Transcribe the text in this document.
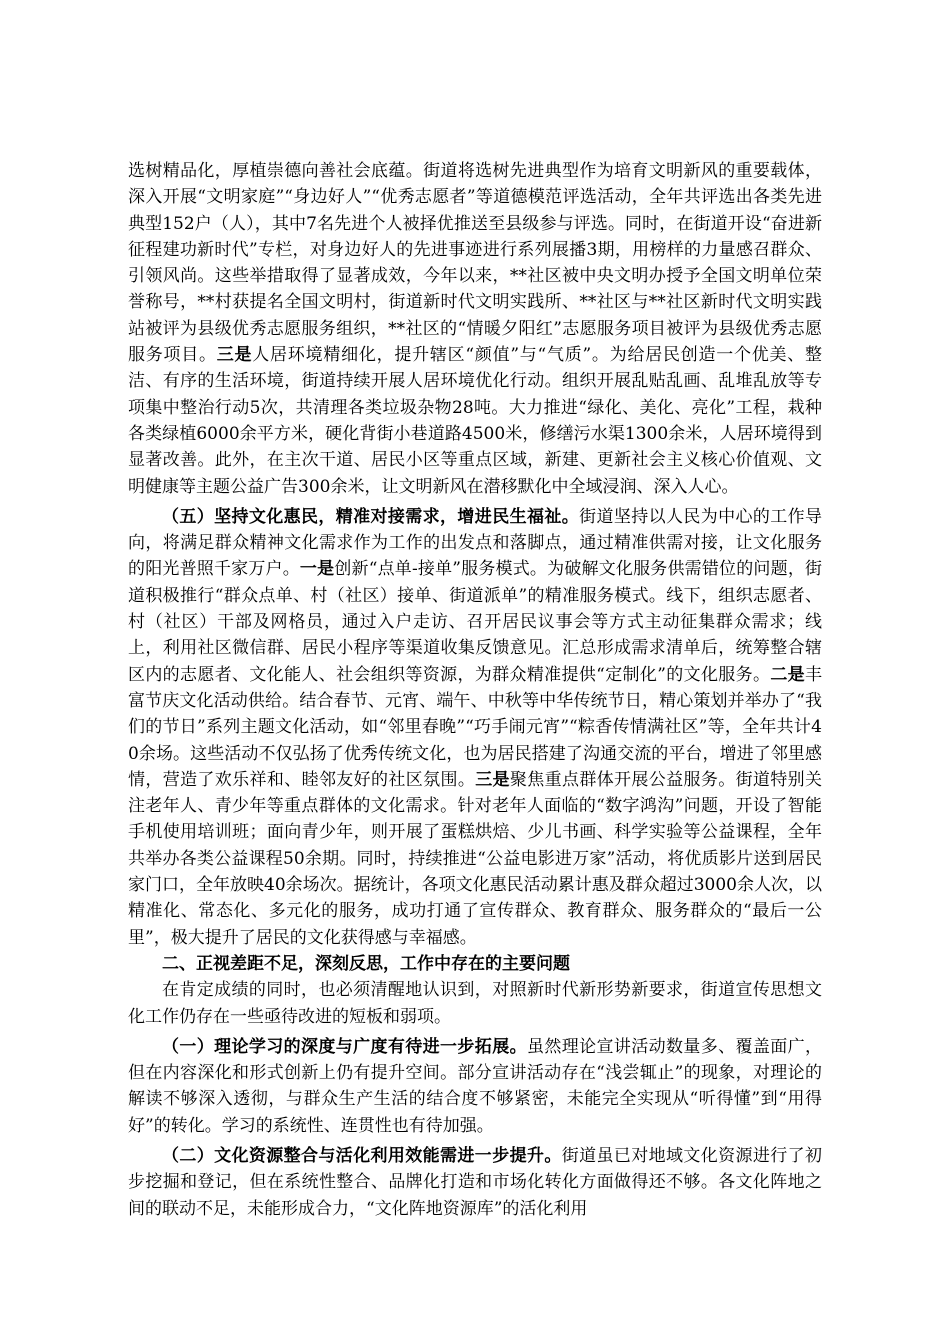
选树精品化，厚植崇德向善社会底蕴。街道将选树先进典型作为培育文明新风的重要载体，深入开展“文明家庭”“身边好人”“优秀志愿者”等道德模范评选活动，全年共评选出各类先进典型152户（人），其中7名先进个人被择优推送至县级参与评选。同时，在街道开设“奋进新征程建功新时代”专栏，对身边好人的先进事迹进行系列展播3期，用榜样的力量感召群众、引领风尚。这些举措取得了显著成效，今年以来，**社区被中央文明办授予全国文明单位荣誉称号，**村获提名全国文明村，街道新时代文明实践所、**社区与**社区新时代文明实践站被评为县级优秀志愿服务组织，**社区的“情暖夕阳红”志愿服务项目被评为县级优秀志愿服务项目。三是人居环境精细化，提升辖区“颜值”与“气质”。为给居民创造一个优美、整洁、有序的生活环境，街道持续开展人居环境优化行动。组织开展乱贴乱画、乱堆乱放等专项集中整治行动5次，共清理各类垃圾杂物28吨。大力推进“绿化、美化、亮化”工程，栽种各类绿植6000余平方米，硬化背街小巷道路4500米，修缮污水渠1300余米，人居环境得到显著改善。此外，在主次干道、居民小区等重点区域，新建、更新社会主义核心价值观、文明健康等主题公益广告300余米，让文明新风在潜移默化中全域浸润、深入人心。

（五）坚持文化惠民，精准对接需求，增进民生福祉。街道坚持以人民为中心的工作导向，将满足群众精神文化需求作为工作的出发点和落脚点，通过精准供需对接，让文化服务的阳光普照千家万户。一是创新“点单-接单”服务模式。为破解文化服务供需错位的问题，街道积极推行“群众点单、村（社区）接单、街道派单”的精准服务模式。线下，组织志愿者、村（社区）干部及网格员，通过入户走访、召开居民议事会等方式主动征集群众需求；线上，利用社区微信群、居民小程序等渠道收集反馈意见。汇总形成需求清单后，统筹整合辖区内的志愿者、文化能人、社会组织等资源，为群众精准提供“定制化”的文化服务。二是丰富节庆文化活动供给。结合春节、元宵、端午、中秋等中华传统节日，精心策划并举办了“我们的节日”系列主题文化活动，如“邻里春晚”“巧手闹元宵”“粽香传情满社区”等，全年共计40余场。这些活动不仅弘扬了优秀传统文化，也为居民搭建了沟通交流的平台，增进了邻里感情，营造了欢乐祥和、睦邻友好的社区氛围。三是聚焦重点群体开展公益服务。街道特别关注老年人、青少年等重点群体的文化需求。针对老年人面临的“数字鸿沟”问题，开设了智能手机使用培训班；面向青少年，则开展了蛋糕烘焙、少儿书画、科学实验等公益课程，全年共举办各类公益课程50余期。同时，持续推进“公益电影进万家”活动，将优质影片送到居民家门口，全年放映40余场次。据统计，各项文化惠民活动累计惠及群众超过3000余人次，以精准化、常态化、多元化的服务，成功打通了宣传群众、教育群众、服务群众的“最后一公里”，极大提升了居民的文化获得感与幸福感。

二、正视差距不足，深刻反思，工作中存在的主要问题

在肯定成绩的同时，也必须清醒地认识到，对照新时代新形势新要求，街道宣传思想文化工作仍存在一些亟待改进的短板和弱项。

（一）理论学习的深度与广度有待进一步拓展。虽然理论宣讲活动数量多、覆盖面广，但在内容深化和形式创新上仍有提升空间。部分宣讲活动存在“浅尝辄止”的现象，对理论的解读不够深入透彻，与群众生产生活的结合度不够紧密，未能完全实现从“听得懂”到“用得好”的转化。学习的系统性、连贯性也有待加强。

（二）文化资源整合与活化利用效能需进一步提升。街道虽已对地域文化资源进行了初步挖掘和登记，但在系统性整合、品牌化打造和市场化转化方面做得还不够。各文化阵地之间的联动不足，未能形成合力，“文化阵地资源库”的活化利用
